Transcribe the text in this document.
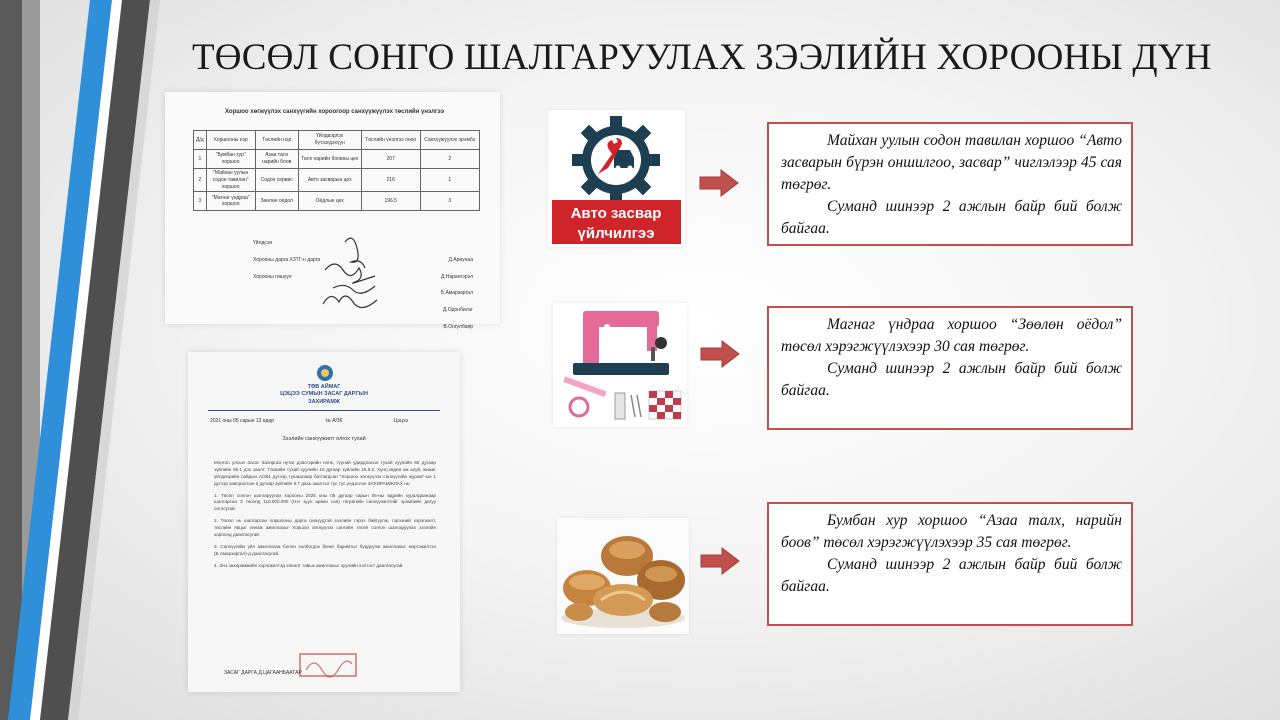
ТӨСӨЛ СОНГО ШАЛГАРУУЛАХ ЗЭЭЛИЙН ХОРООНЫ ДҮН
Хоршоо хөгжүүлэх санхүүгийн хороогоор санхүүжүүлэх төслийн үнэлгээ
Д/д	Хоршооны нэр	Төслийн нэр	Үйлдвэрлэх бүтээгдэхүүн	Төслийн үнэлгээ оноо	Санхүүжүүлэх эрэмбэ
1	"Бумбан хур" хоршоо	Азаа талх нарийн боов	Талх нарийн боовны цех	207	2
2	"Майхан уулын содон тавилан" хоршоо	Содон сервис	Авто засварын цех	216	1
3	"Магнаг үндраа" хоршоо	Зөөлөн оёдол	Оёдлын цех	196.5	3
Үйлдсэн
Хорооны дарга ХЗТГ-н дарга	Д.Ариунаа
Хорооны гишүүн	Д.Нарангэрэл
Б.Амарзаргал
Д.Одонбилэг
В.Онгүлбаяр
ТӨВ АЙМАГ
ЦЭЦЭЭ СУМЫН ЗАСАГ ДАРГЫН
ЗАХИРАМЖ
2021 оны 05 сарын 13 өдөр	№ А/36	Цэцээ
Зээлийн санхүүжилт олгох тухай

Монгол улсын Засаг Захиргаа нутаг дэвсгэрийн нэгж, түүний удирдлагын тухай хуулийн 66 дугаар зүйлийн 66.1 дэх заалт, Төсвийн тухай хуулийн 16 дугаар зүйлийн 16.5.2, Хунс,хөдөө аж ахуй, жижиг үйлдвэрийн сайдын А/361 дүгээр тушаалаар батлагдсан "Хоршоо хөгжүүлэх санхүүгийн журам"-ын 1 дүгээр хавсралтын 6 дугаар зүйлийн 6.7 дахь заалтыг тус тус үндэслэн ЗАХИРАМЖЛАХ нь:

1. Төсөл сонгон шалгаруулах хорооны 2025 оны 05 дугаар сарын 05-ны өдрийн хуралдаанаар шалгарсан 3 төсөлд 110.000.000 (Нэг зуун арван сая) төгрөгийн санхүүжилтийг эрэмбийн дагуу олгосугай.

2. Төсөл нь шалгарсан хоршооны дарга гишүүдтэй зээлийн гэрээ байгуулж, гэрээний хэрэгжилт, төслийн явцыг хянаж ажиллахыг Хоршоо хөгжүүлэх сангийн төсөл сонгон шалгаруулах зээлийн хороонд даалгасугай.

3. Санхүүгийн үйл ажиллагаа болон холбогдох бичиг баримтыг бүрдүүлж ажиллахыг мэргэжилтэн (Б.Амарзаргал)-д даалгасугай.

4. Энэ захирамжийн хэрэгжилтэд хяналт тавьж ажиллахыг хуулийн хэлтэст даалгасугай.

ЗАСАГ ДАРГА Д.ЦАГААНБААТАР
Авто засвар
үйлчилгээ

Майхан уулын содон тавилан хоршоо “Авто засварын бүрэн оншилгоо, засвар” чиглэлээр 45 сая төгрөг.

Суманд шинээр 2 ажлын байр бий болж байгаа.

Магнаг үндраа хоршоо “Зөөлөн оёдол” төсөл хэрэгжүүлэхээр 30 сая төгрөг.

Суманд шинээр 2 ажлын байр бий болж байгаа.

Бумбан хур хоршоо “Азаа талх, нарийн боов” төсөл хэрэгжүүлэхээр 35 сая төгрөг.

Суманд шинээр 2 ажлын байр бий болж байгаа.
